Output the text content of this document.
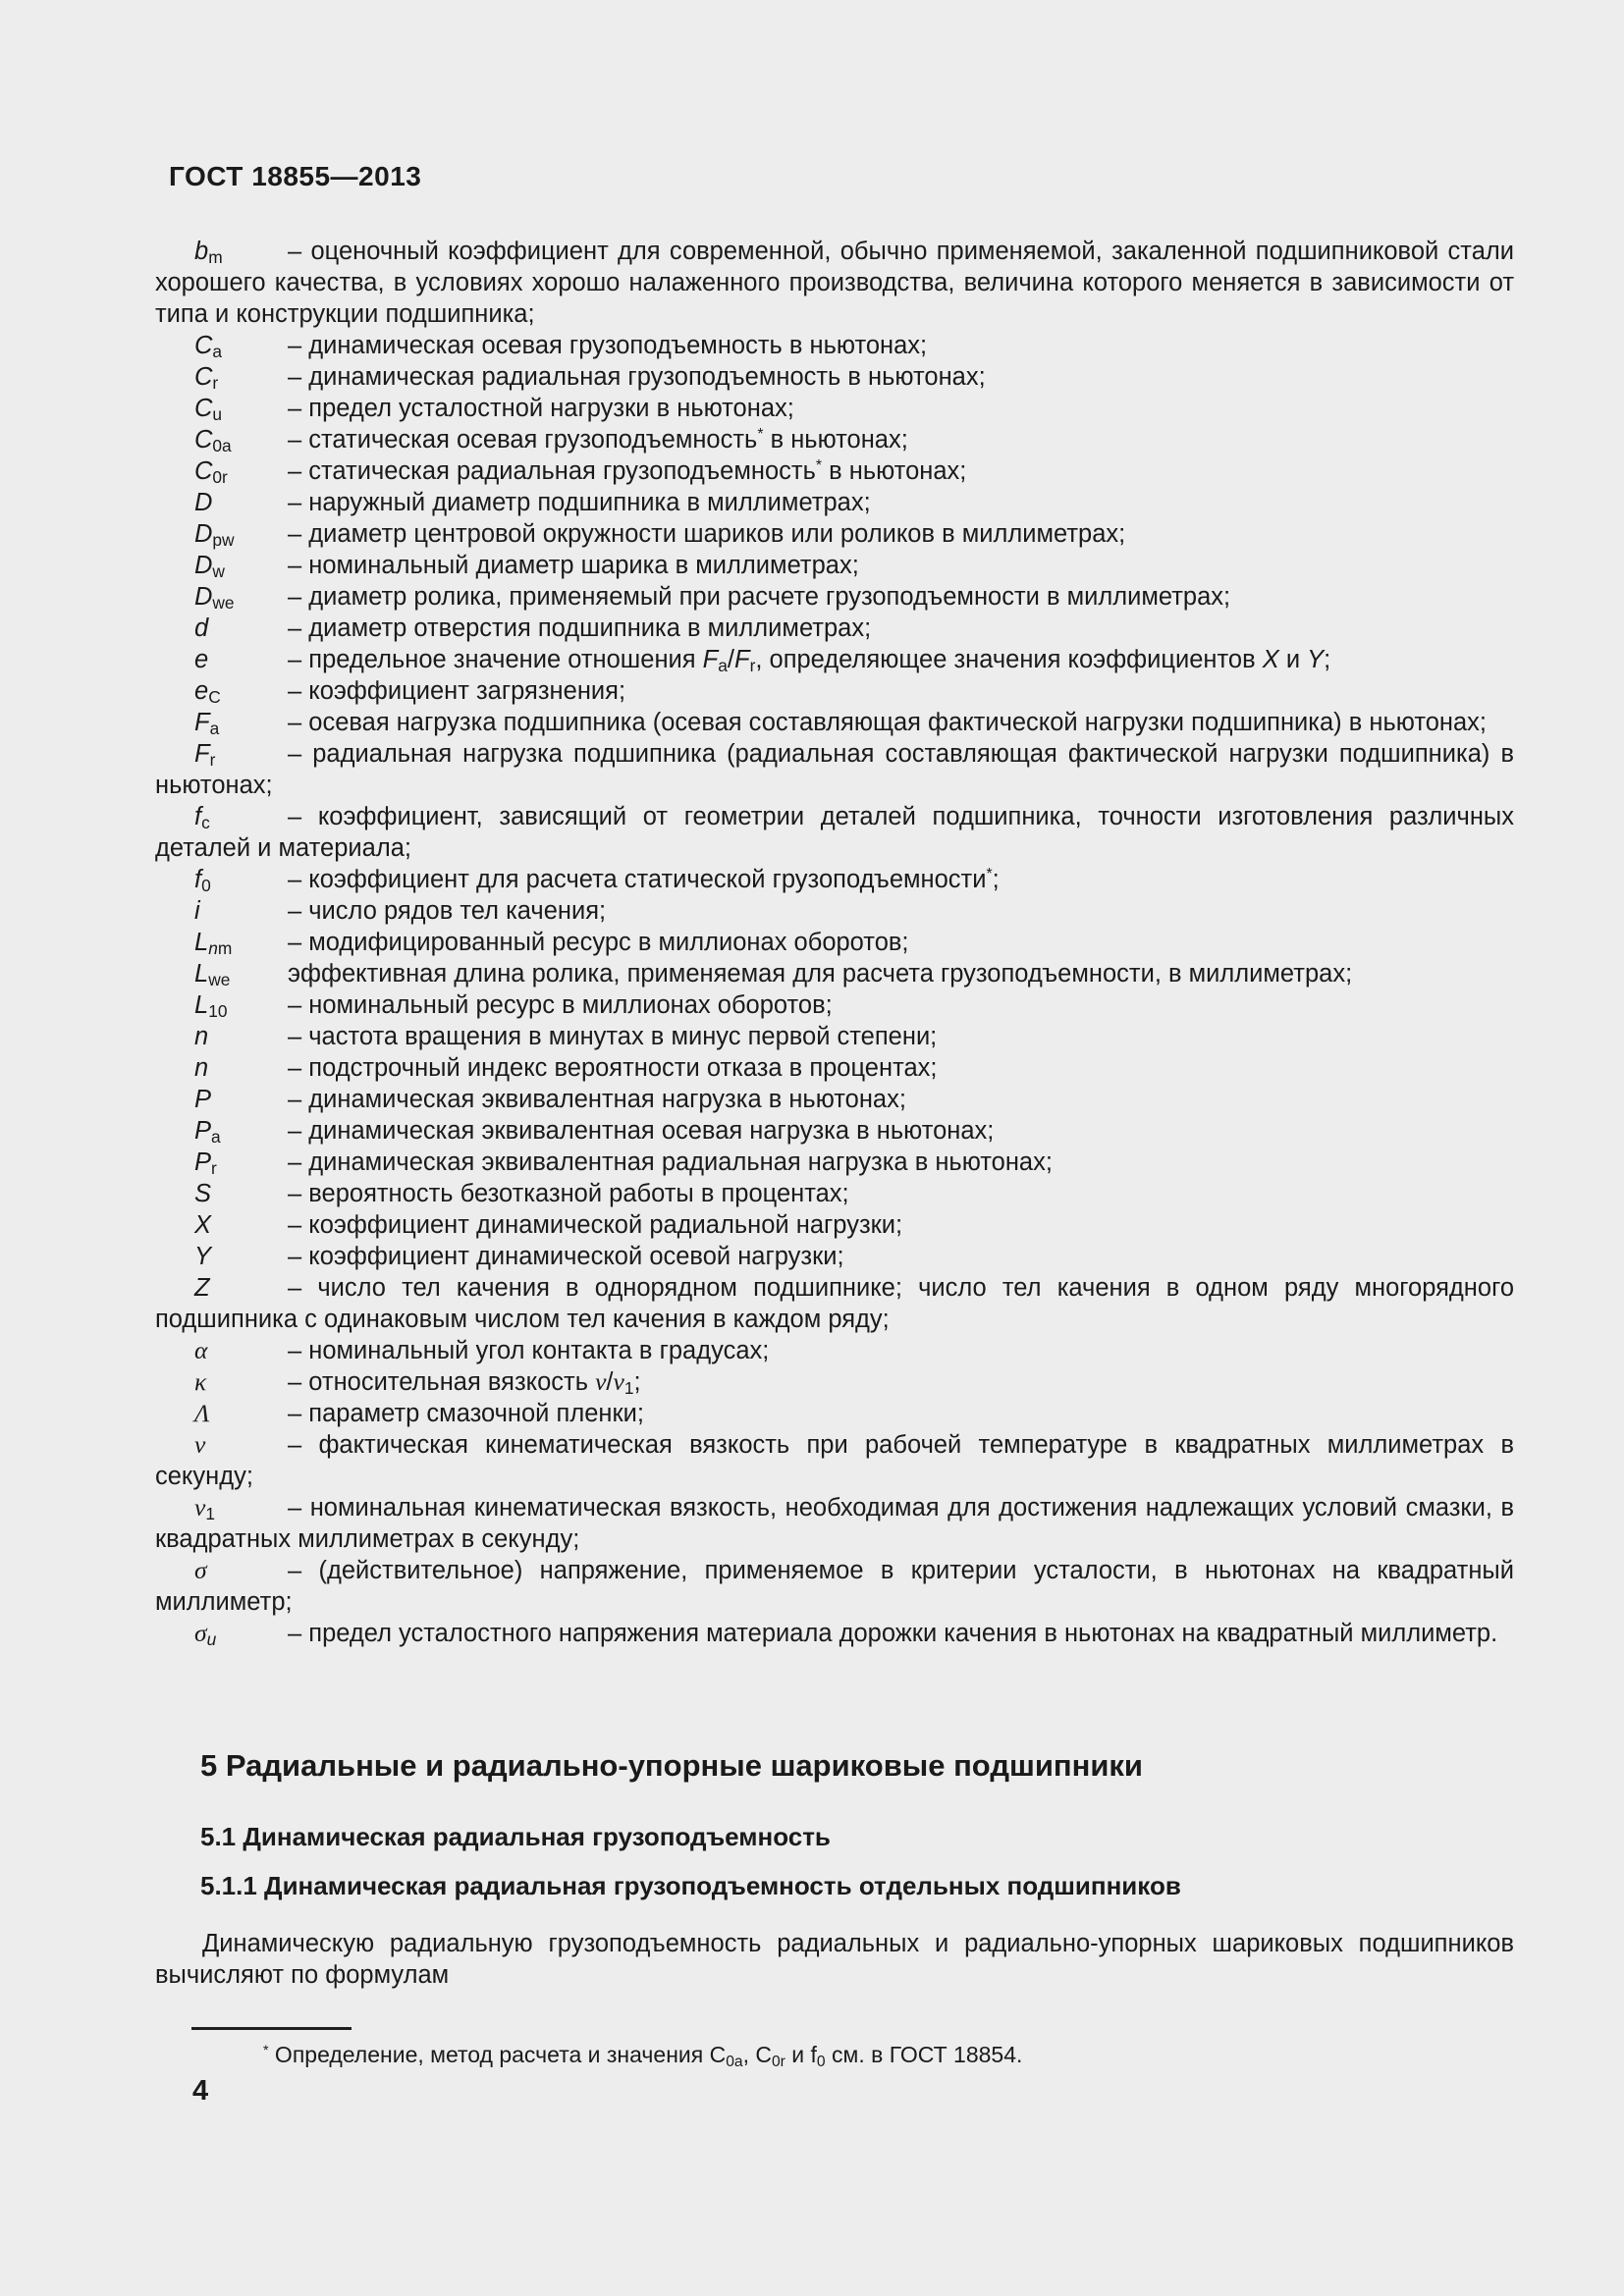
ГОСТ 18855—2013
$b_m$	– оценочный коэффициент для современной, обычно применяемой, закаленной подшипниковой стали хорошего качества, в условиях хорошо налаженного производства, величина которого меняется в зависимости от типа и конструкции подшипника;
$C_a$	– динамическая осевая грузоподъемность в ньютонах;
$C_r$	– динамическая радиальная грузоподъемность в ньютонах;
$C_u$	– предел усталостной нагрузки в ньютонах;
$C_{0a}$ – статическая осевая грузоподъемность* в ньютонах;
$C_{0r}$ – статическая радиальная грузоподъемность* в ньютонах;
D	– наружный диаметр подшипника в миллиметрах;
$D_{pw}$ – диаметр центровой окружности шариков или роликов в миллиметрах;
$D_w$	– номинальный диаметр шарика в миллиметрах;
$D_{we}$ – диаметр ролика, применяемый при расчете грузоподъемности в миллиметрах;
d	– диаметр отверстия подшипника в миллиметрах;
e	– предельное значение отношения $F_a/F_r$, определяющее значения коэффициентов X и Y;
$e_C$	– коэффициент загрязнения;
$F_a$	– осевая нагрузка подшипника (осевая составляющая фактической нагрузки подшипника) в ньютонах;
$F_r$	– радиальная нагрузка подшипника (радиальная составляющая фактической нагрузки подшипника) в ньютонах;
$f_c$	– коэффициент, зависящий от геометрии деталей подшипника, точности изготовления различных деталей и материала;
$f_0$	– коэффициент для расчета статической грузоподъемности*;
i	– число рядов тел качения;
$L_{nm}$ – модифицированный ресурс в миллионах оборотов;
$L_{we}$ эффективная длина ролика, применяемая для расчета грузоподъемности, в миллиметрах;
$L_{10}$ – номинальный ресурс в миллионах оборотов;
n	– частота вращения в минутах в минус первой степени;
n	– подстрочный индекс вероятности отказа в процентах;
P	– динамическая эквивалентная нагрузка в ньютонах;
$P_a$	– динамическая эквивалентная осевая нагрузка в ньютонах;
$P_r$	– динамическая эквивалентная радиальная нагрузка в ньютонах;
S	– вероятность безотказной работы в процентах;
X	– коэффициент динамической радиальной нагрузки;
Y	– коэффициент динамической осевой нагрузки;
Z	– число тел качения в однорядном подшипнике; число тел качения в одном ряду многорядного подшипника с одинаковым числом тел качения в каждом ряду;
α	– номинальный угол контакта в градусах;
κ	– относительная вязкость $\nu/\nu_1$;
Λ	– параметр смазочной пленки;
ν	– фактическая кинематическая вязкость при рабочей температуре в квадратных миллиметрах в секунду;
$\nu_1$	– номинальная кинематическая вязкость, необходимая для достижения надлежащих условий смазки, в квадратных миллиметрах в секунду;
σ	– (действительное) напряжение, применяемое в критерии усталости, в ньютонах на квадратный миллиметр;
$\sigma_u$	– предел усталостного напряжения материала дорожки качения в ньютонах на квадратный миллиметр.
5 Радиальные и радиально-упорные шариковые подшипники
5.1 Динамическая радиальная грузоподъемность
5.1.1 Динамическая радиальная грузоподъемность отдельных подшипников

Динамическую радиальную грузоподъемность радиальных и радиально-упорных шариковых подшипников вычисляют по формулам

* Определение, метод расчета и значения $C_{0a}$, $C_{0r}$ и $f_0$ см. в ГОСТ 18854.
4
